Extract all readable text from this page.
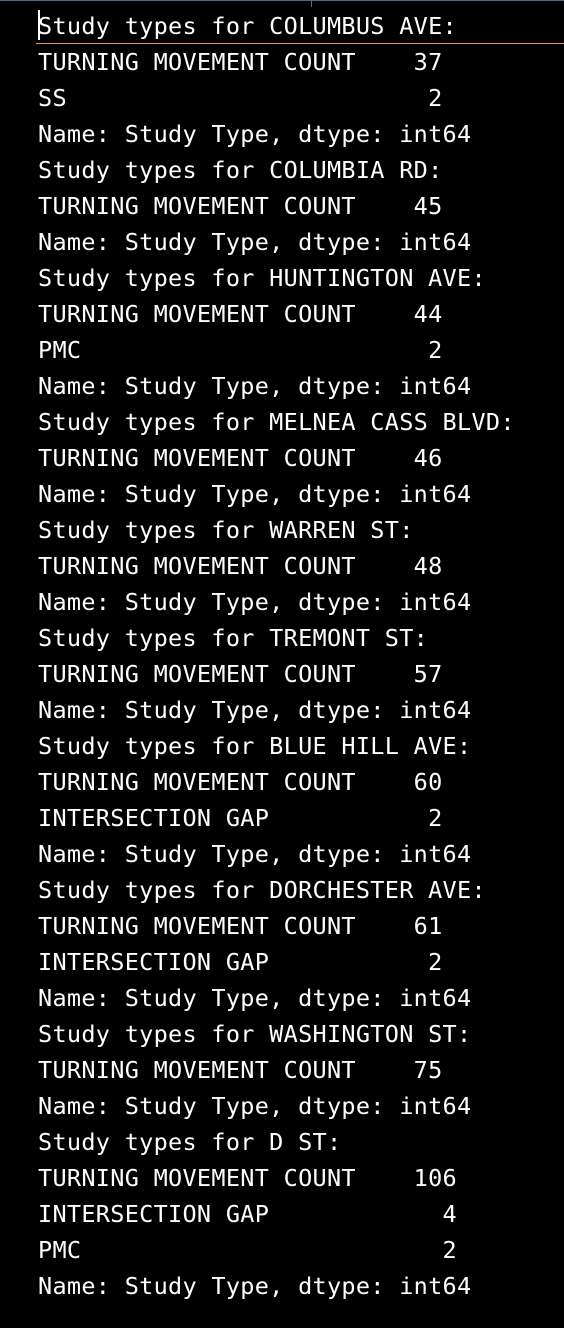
Study types for COLUMBUS AVE:
TURNING MOVEMENT COUNT    37
SS                         2
Name: Study Type, dtype: int64
Study types for COLUMBIA RD:
TURNING MOVEMENT COUNT    45
Name: Study Type, dtype: int64
Study types for HUNTINGTON AVE:
TURNING MOVEMENT COUNT    44
PMC                        2
Name: Study Type, dtype: int64
Study types for MELNEA CASS BLVD:
TURNING MOVEMENT COUNT    46
Name: Study Type, dtype: int64
Study types for WARREN ST:
TURNING MOVEMENT COUNT    48
Name: Study Type, dtype: int64
Study types for TREMONT ST:
TURNING MOVEMENT COUNT    57
Name: Study Type, dtype: int64
Study types for BLUE HILL AVE:
TURNING MOVEMENT COUNT    60
INTERSECTION GAP           2
Name: Study Type, dtype: int64
Study types for DORCHESTER AVE:
TURNING MOVEMENT COUNT    61
INTERSECTION GAP           2
Name: Study Type, dtype: int64
Study types for WASHINGTON ST:
TURNING MOVEMENT COUNT    75
Name: Study Type, dtype: int64
Study types for D ST:
TURNING MOVEMENT COUNT    106
INTERSECTION GAP            4
PMC                         2
Name: Study Type, dtype: int64
